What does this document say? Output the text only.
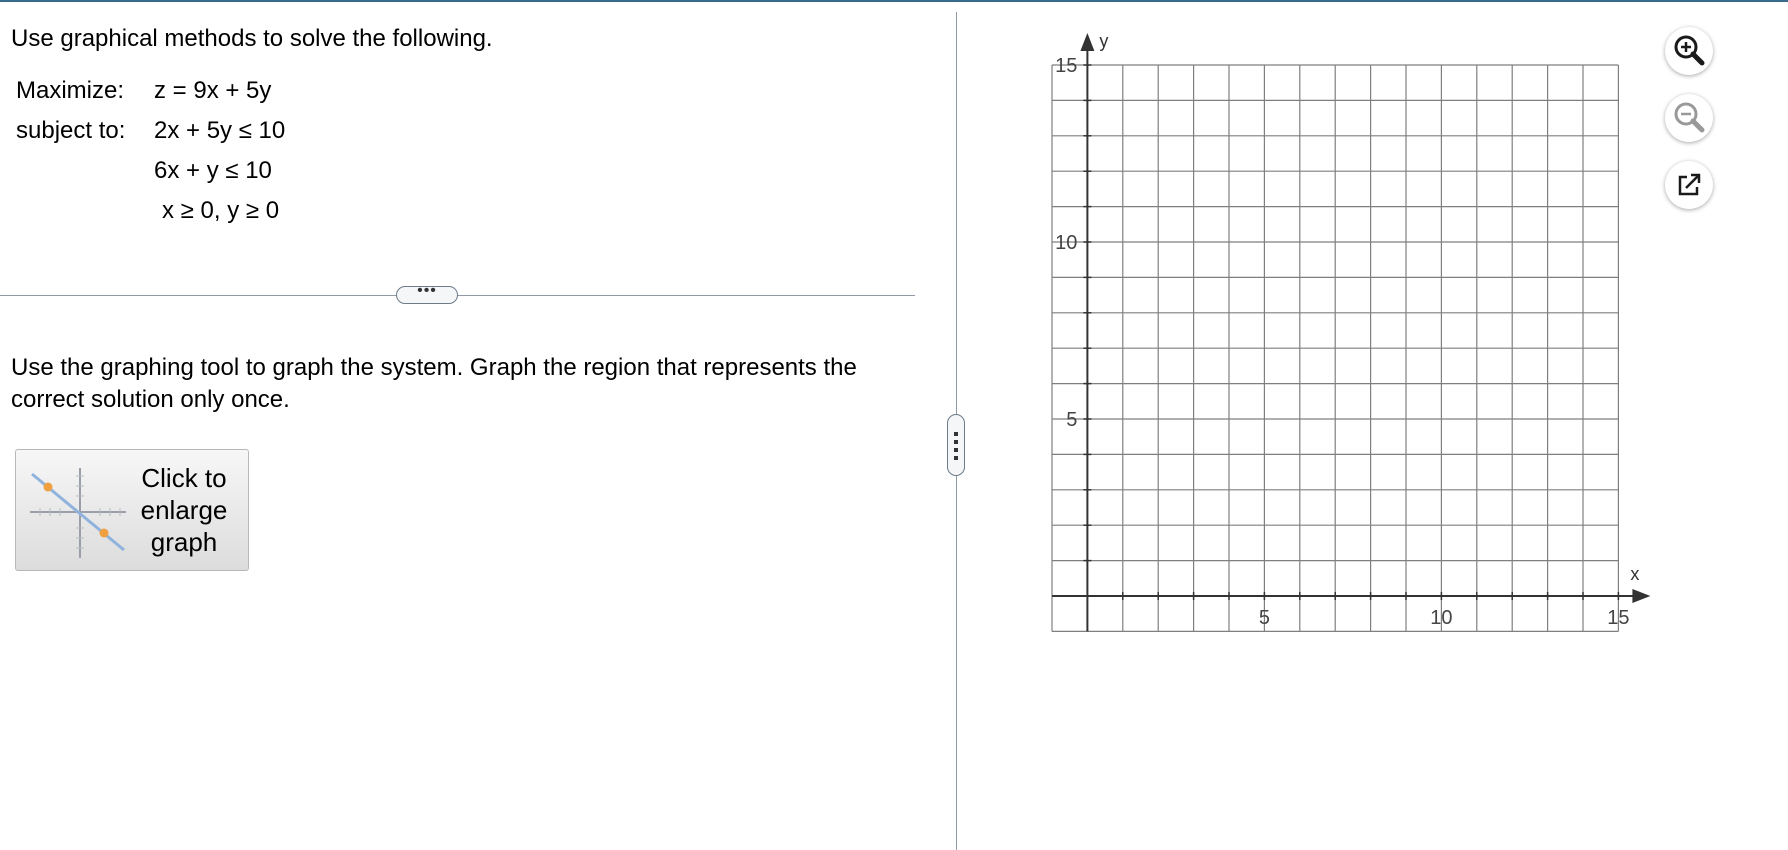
Use graphical methods to solve the following.
Maximize: z = 9x + 5y
subject to: 2x + 5y ≤ 10
6x + y ≤ 10
x ≥ 0, y ≥ 0
•••
Use the graphing tool to graph the system. Graph the region that represents the correct solution only once.
Click to
enlarge
graph
5	10	15
5
10
15
x
y
